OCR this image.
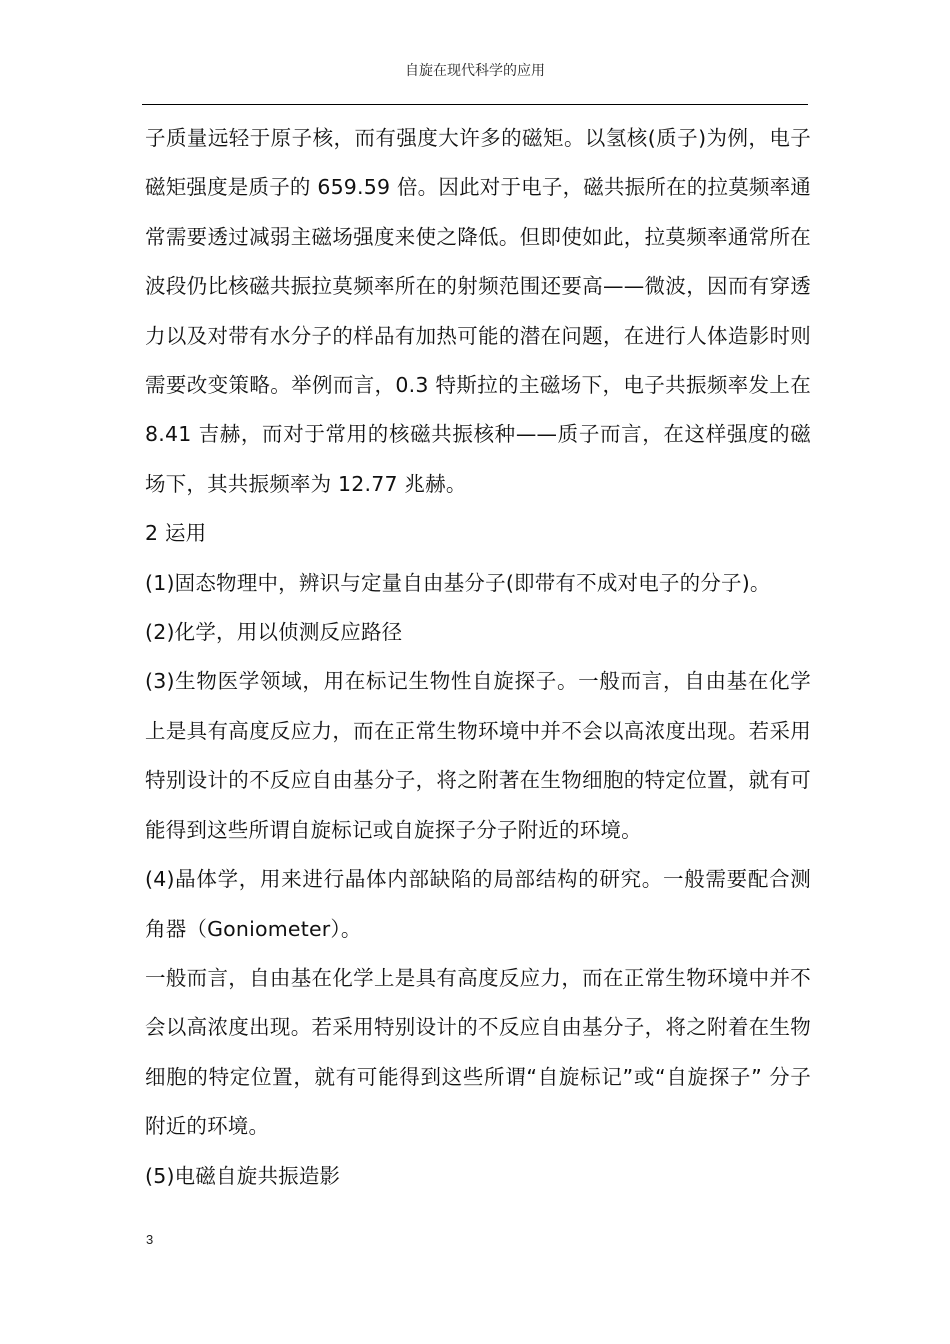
自旋在现代科学的应用

子质量远轻于原子核，而有强度大许多的磁矩。以氢核(质子)为例，电子磁矩强度是质子的 659.59 倍。因此对于电子，磁共振所在的拉莫频率通常需要透过减弱主磁场强度来使之降低。但即使如此，拉莫频率通常所在波段仍比核磁共振拉莫频率所在的射频范围还要高——微波，因而有穿透力以及对带有水分子的样品有加热可能的潜在问题，在进行人体造影时则需要改变策略。举例而言，0.3 特斯拉的主磁场下，电子共振频率发上在 8.41 吉赫，而对于常用的核磁共振核种——质子而言，在这样强度的磁场下，其共振频率为 12.77 兆赫。

2 运用

(1)固态物理中，辨识与定量自由基分子(即带有不成对电子的分子)。

(2)化学，用以侦测反应路径

(3)生物医学领域，用在标记生物性自旋探子。一般而言，自由基在化学上是具有高度反应力，而在正常生物环境中并不会以高浓度出现。若采用特别设计的不反应自由基分子，将之附著在生物细胞的特定位置，就有可能得到这些所谓自旋标记或自旋探子分子附近的环境。

(4)晶体学，用来进行晶体内部缺陷的局部结构的研究。一般需要配合测角器（Goniometer）。

一般而言，自由基在化学上是具有高度反应力，而在正常生物环境中并不会以高浓度出现。若采用特别设计的不反应自由基分子，将之附着在生物细胞的特定位置，就有可能得到这些所谓“自旋标记”或“自旋探子” 分子附近的环境。

(5)电磁自旋共振造影

3
